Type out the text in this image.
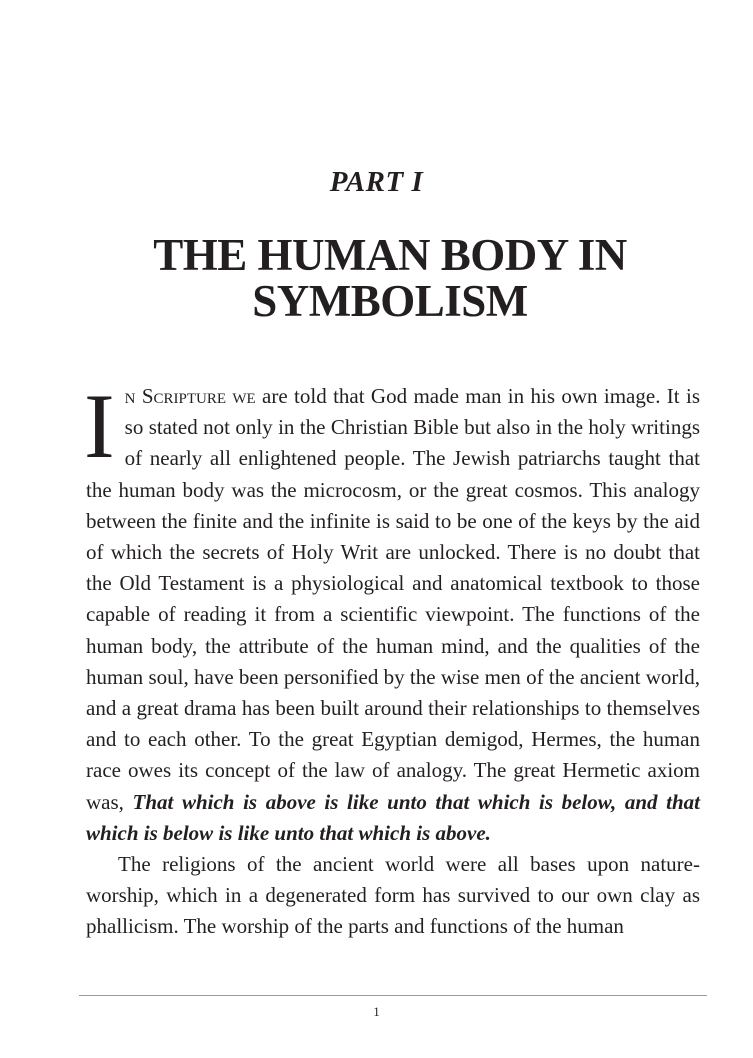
PART I
THE HUMAN BODY IN SYMBOLISM

In Scripture we are told that God made man in his own image. It is so stated not only in the Christian Bible but also in the holy writings of nearly all enlightened people. The Jewish patriarchs taught that the human body was the microcosm, or the great cosmos. This analogy between the finite and the infinite is said to be one of the keys by the aid of which the secrets of Holy Writ are unlocked. There is no doubt that the Old Testament is a physiological and anatomical textbook to those capable of reading it from a scientific viewpoint. The functions of the human body, the attribute of the human mind, and the qualities of the human soul, have been personified by the wise men of the ancient world, and a great drama has been built around their relationships to themselves and to each other. To the great Egyptian demigod, Hermes, the human race owes its concept of the law of analogy. The great Hermetic axiom was, That which is above is like unto that which is below, and that which is below is like unto that which is above.

The religions of the ancient world were all bases upon nature-worship, which in a degenerated form has survived to our own clay as phallicism. The worship of the parts and functions of the human

1
